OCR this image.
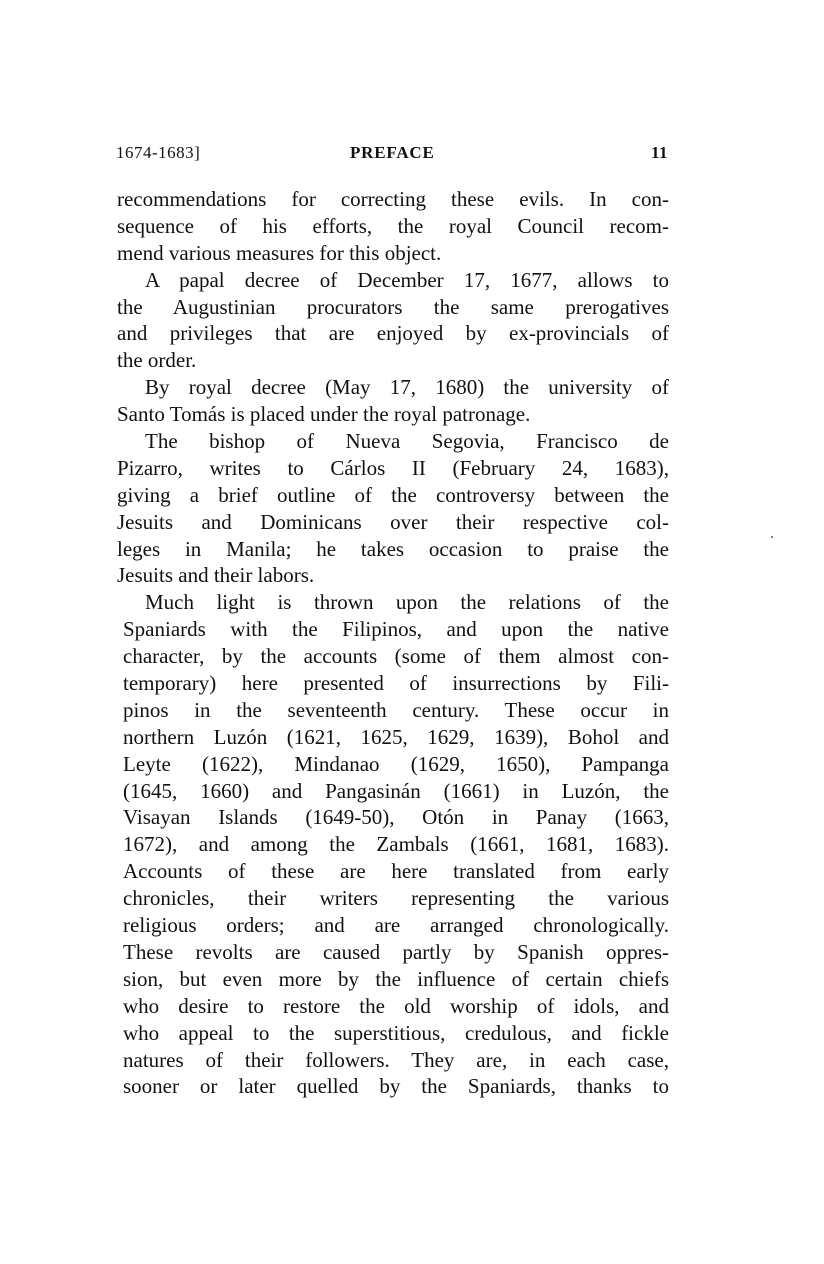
1674-1683]	PREFACE	11
recommendations for correcting these evils. In con-
sequence of his efforts, the royal Council recom-
mend various measures for this object.
A papal decree of December 17, 1677, allows to
the Augustinian procurators the same prerogatives
and privileges that are enjoyed by ex-provincials of
the order.
By royal decree (May 17, 1680) the university of
Santo Tomás is placed under the royal patronage.
The bishop of Nueva Segovia, Francisco de
Pizarro, writes to Cárlos II (February 24, 1683),
giving a brief outline of the controversy between the
Jesuits and Dominicans over their respective col-
leges in Manila; he takes occasion to praise the
Jesuits and their labors.
Much light is thrown upon the relations of the
Spaniards with the Filipinos, and upon the native
character, by the accounts (some of them almost con-
temporary) here presented of insurrections by Fili-
pinos in the seventeenth century. These occur in
northern Luzón (1621, 1625, 1629, 1639), Bohol and
Leyte (1622), Mindanao (1629, 1650), Pampanga
(1645, 1660) and Pangasinán (1661) in Luzón, the
Visayan Islands (1649-50), Otón in Panay (1663,
1672), and among the Zambals (1661, 1681, 1683).
Accounts of these are here translated from early
chronicles, their writers representing the various
religious orders; and are arranged chronologically.
These revolts are caused partly by Spanish oppres-
sion, but even more by the influence of certain chiefs
who desire to restore the old worship of idols, and
who appeal to the superstitious, credulous, and fickle
natures of their followers. They are, in each case,
sooner or later quelled by the Spaniards, thanks to
